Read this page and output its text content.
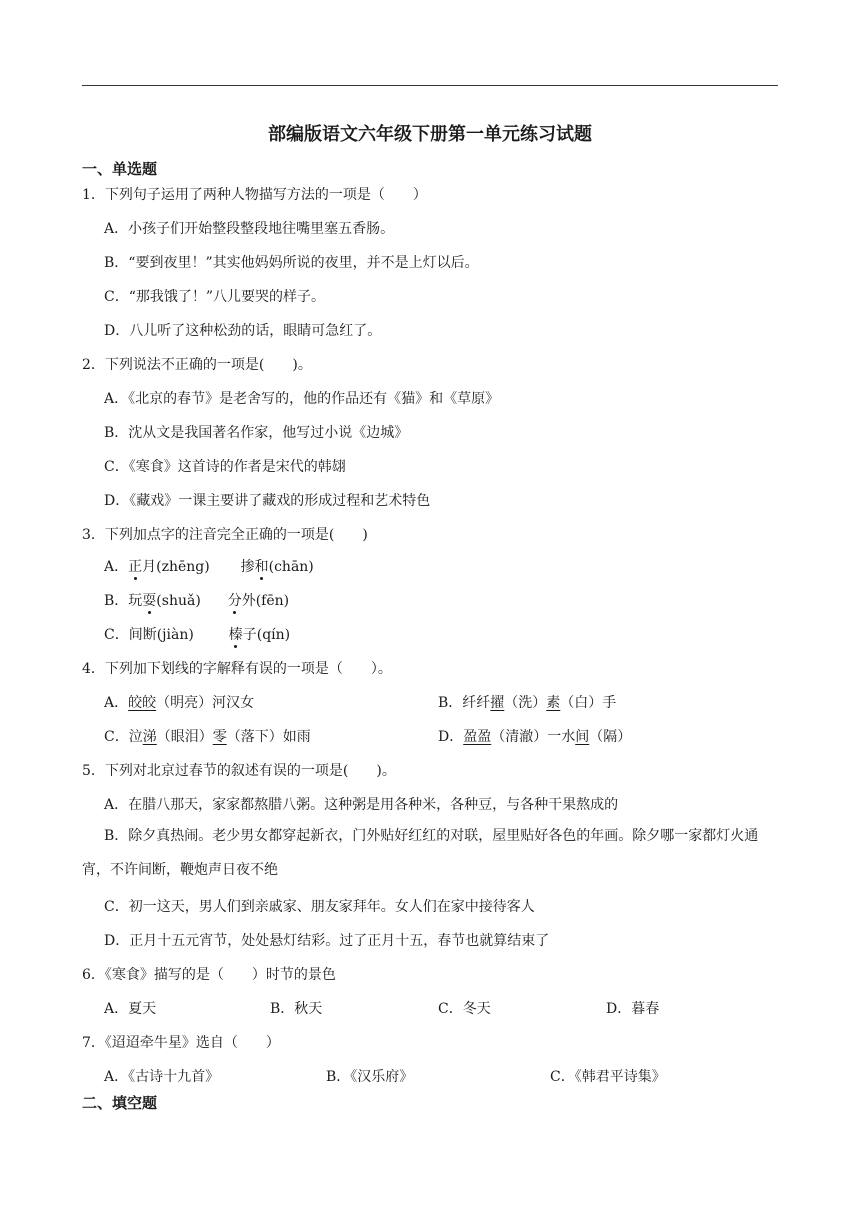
部编版语文六年级下册第一单元练习试题
一、单选题
1．下列句子运用了两种人物描写方法的一项是（　　）
A．小孩子们开始整段整段地往嘴里塞五香肠。
B．“要到夜里！”其实他妈妈所说的夜里，并不是上灯以后。
C．“那我饿了！”八儿要哭的样子。
D．八儿听了这种松劲的话，眼睛可急红了。
2．下列说法不正确的一项是(　　)。
A．《北京的春节》是老舍写的，他的作品还有《猫》和《草原》
B．沈从文是我国著名作家，他写过小说《边城》
C．《寒食》这首诗的作者是宋代的韩翃
D．《藏戏》一课主要讲了藏戏的形成过程和艺术特色
3．下列加点字的注音完全正确的一项是(　　)
A．正月(zhēng) 掺和(chān)
B．玩耍(shuǎ) 分外(fēn)
C．间断(jiàn) 榛子(qín)
4．下列加下划线的字解释有误的一项是（　　）。
A．皎皎（明亮）河汉女	B．纤纤擢（洗）素（白）手
C．泣涕（眼泪）零（落下）如雨	D．盈盈（清澈）一水间（隔）
5．下列对北京过春节的叙述有误的一项是(　　)。
A．在腊八那天，家家都熬腊八粥。这种粥是用各种米，各种豆，与各种干果熬成的
B．除夕真热闹。老少男女都穿起新衣，门外贴好红红的对联，屋里贴好各色的年画。除夕哪一家都灯火通宵，不许间断，鞭炮声日夜不绝
C．初一这天，男人们到亲戚家、朋友家拜年。女人们在家中接待客人
D．正月十五元宵节，处处悬灯结彩。过了正月十五，春节也就算结束了
6．《寒食》描写的是（　　）时节的景色
A．夏天	B．秋天	C．冬天	D．暮春
7．《迢迢牵牛星》选自（　　）
A．《古诗十九首》	B．《汉乐府》	C．《韩君平诗集》
二、填空题
